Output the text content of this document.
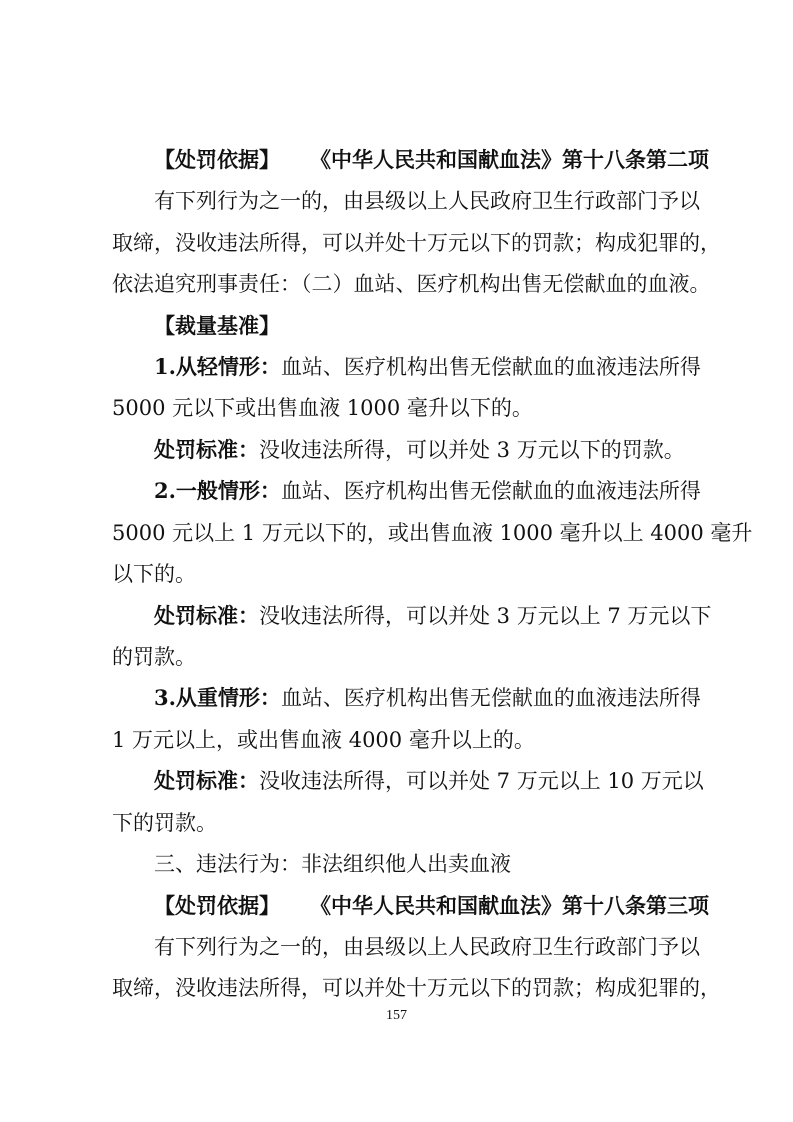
【处罚依据】 《中华人民共和国献血法》第十八条第二项
有下列行为之一的，由县级以上人民政府卫生行政部门予以
取缔，没收违法所得，可以并处十万元以下的罚款；构成犯罪的，
依法追究刑事责任：（二）血站、医疗机构出售无偿献血的血液。
【裁量基准】
1.从轻情形：血站、医疗机构出售无偿献血的血液违法所得
5000 元以下或出售血液 1000 毫升以下的。
处罚标准：没收违法所得，可以并处 3 万元以下的罚款。
2.一般情形：血站、医疗机构出售无偿献血的血液违法所得
5000 元以上 1 万元以下的，或出售血液 1000 毫升以上 4000 毫升
以下的。
处罚标准：没收违法所得，可以并处 3 万元以上 7 万元以下
的罚款。
3.从重情形：血站、医疗机构出售无偿献血的血液违法所得
1 万元以上，或出售血液 4000 毫升以上的。
处罚标准：没收违法所得，可以并处 7 万元以上 10 万元以
下的罚款。
三、违法行为：非法组织他人出卖血液
【处罚依据】 《中华人民共和国献血法》第十八条第三项
有下列行为之一的，由县级以上人民政府卫生行政部门予以
取缔，没收违法所得，可以并处十万元以下的罚款；构成犯罪的，
157
